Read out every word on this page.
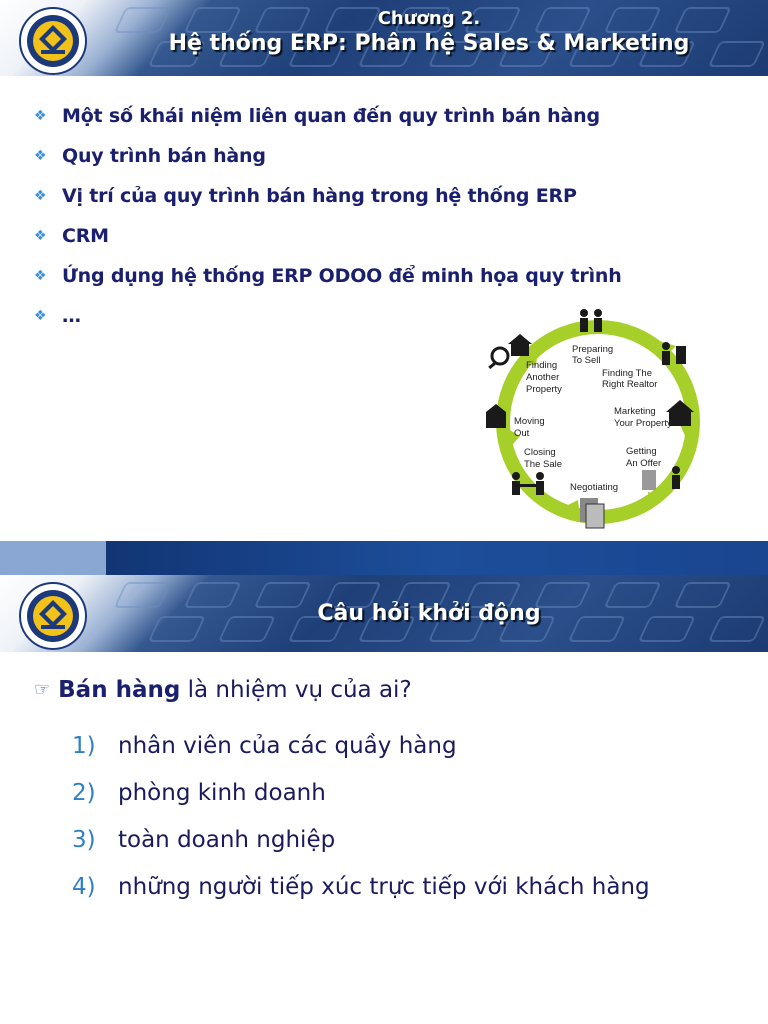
Chương 2.
Hệ thống ERP: Phân hệ Sales & Marketing
❖ Một số khái niệm liên quan đến quy trình bán hàng
❖ Quy trình bán hàng
❖ Vị trí của quy trình bán hàng trong hệ thống ERP
❖ CRM
❖ Ứng dụng hệ thống ERP ODOO để minh họa quy trình
❖ …
Preparing
To Sell
Finding The
Right Realtor
Marketing
Your Property
Getting
An Offer
Negotiating
Closing
The Sale
Moving
Out
Finding
Another
Property
Câu hỏi khởi động
☞ Bán hàng là nhiệm vụ của ai?
1) nhân viên của các quầy hàng
2) phòng kinh doanh
3) toàn doanh nghiệp
4) những người tiếp xúc trực tiếp với khách hàng
